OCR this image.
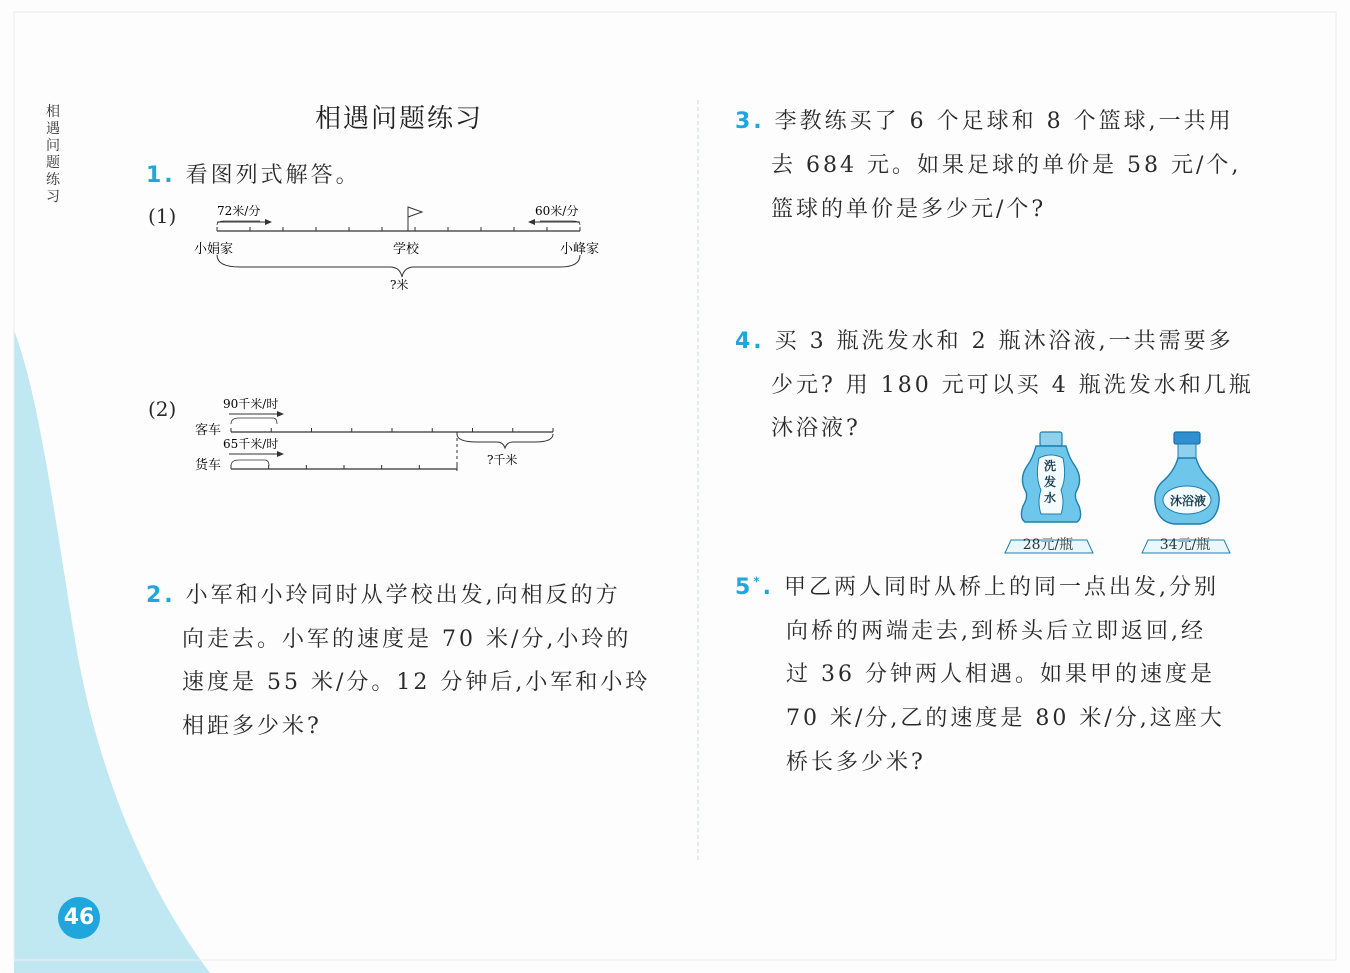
相
遇
问
题
练
习
相遇问题练习
1. 看图列式解答。
(1)	72米/分	60米/分
小娟家	学校	小峰家
?米
(2)	90千米/时
客车
65千米/时
货车	?千米
2. 小军和小玲同时从学校出发,向相反的方
向走去。小军的速度是 70 米/分,小玲的
速度是 55 米/分。12 分钟后,小军和小玲
相距多少米?
3. 李教练买了 6 个足球和 8 个篮球,一共用
去 684 元。如果足球的单价是 58 元/个,
篮球的单价是多少元/个?
4. 买 3 瓶洗发水和 2 瓶沐浴液,一共需要多
少元? 用 180 元可以买 4 瓶洗发水和几瓶
沐浴液?
洗
发
水
28元/瓶
沐浴液
34元/瓶
5*. 甲乙两人同时从桥上的同一点出发,分别
向桥的两端走去,到桥头后立即返回,经
过 36 分钟两人相遇。如果甲的速度是
70 米/分,乙的速度是 80 米/分,这座大
桥长多少米?
46
